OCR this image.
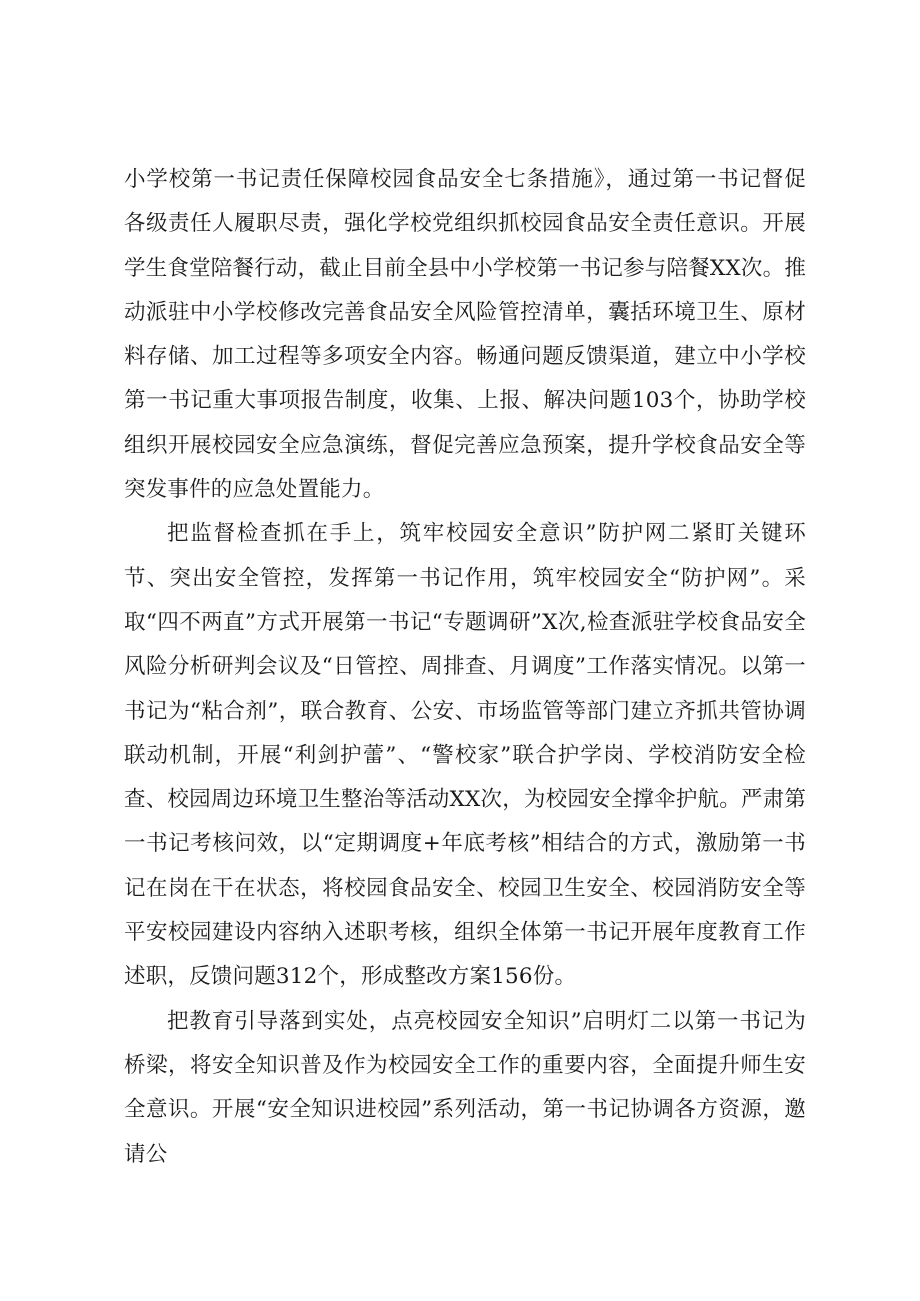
小学校第一书记责任保障校园食品安全七条措施》，通过第一书记督促各级责任人履职尽责，强化学校党组织抓校园食品安全责任意识。开展学生食堂陪餐行动，截止目前全县中小学校第一书记参与陪餐XX次。推动派驻中小学校修改完善食品安全风险管控清单，囊括环境卫生、原材料存储、加工过程等多项安全内容。畅通问题反馈渠道，建立中小学校第一书记重大事项报告制度，收集、上报、解决问题103个，协助学校组织开展校园安全应急演练，督促完善应急预案，提升学校食品安全等突发事件的应急处置能力。

把监督检查抓在手上，筑牢校园安全意识”防护网二紧盯关键环节、突出安全管控，发挥第一书记作用，筑牢校园安全“防护网”。采取“四不两直”方式开展第一书记“专题调研”X次,检查派驻学校食品安全风险分析研判会议及“日管控、周排查、月调度”工作落实情况。以第一书记为“粘合剂”，联合教育、公安、市场监管等部门建立齐抓共管协调联动机制，开展“利剑护蕾”、“警校家”联合护学岗、学校消防安全检查、校园周边环境卫生整治等活动XX次，为校园安全撑伞护航。严肃第一书记考核问效，以“定期调度+年底考核”相结合的方式，激励第一书记在岗在干在状态，将校园食品安全、校园卫生安全、校园消防安全等平安校园建设内容纳入述职考核，组织全体第一书记开展年度教育工作述职，反馈问题312个，形成整改方案156份。

把教育引导落到实处，点亮校园安全知识”启明灯二以第一书记为桥梁，将安全知识普及作为校园安全工作的重要内容，全面提升师生安全意识。开展“安全知识进校园”系列活动，第一书记协调各方资源，邀请公
